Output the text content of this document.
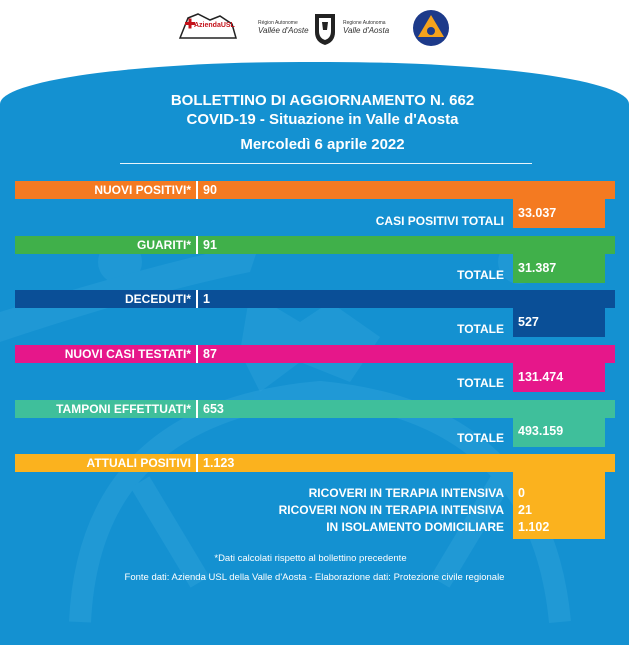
AziendaUSL	Région Autonome
Vallée d'Aoste
Regione Autonoma
Valle d'Aosta
BOLLETTINO DI AGGIORNAMENTO N. 662
COVID-19 - Situazione in Valle d'Aosta
Mercoledì 6 aprile 2022
NUOVI POSITIVI* 90
CASI POSITIVI TOTALI
33.037
GUARITI* 91
TOTALE 31.387
DECEDUTI* 1
TOTALE 527
NUOVI CASI TESTATI* 87
TOTALE 131.474
TAMPONI EFFETTUATI* 653
TOTALE 493.159
ATTUALI POSITIVI 1.123
RICOVERI IN TERAPIA INTENSIVA 0
RICOVERI NON IN TERAPIA INTENSIVA 21
IN ISOLAMENTO DOMICILIARE 1.102
*Dati calcolati rispetto al bollettino precedente
Fonte dati: Azienda USL della Valle d'Aosta - Elaborazione dati: Protezione civile regionale
